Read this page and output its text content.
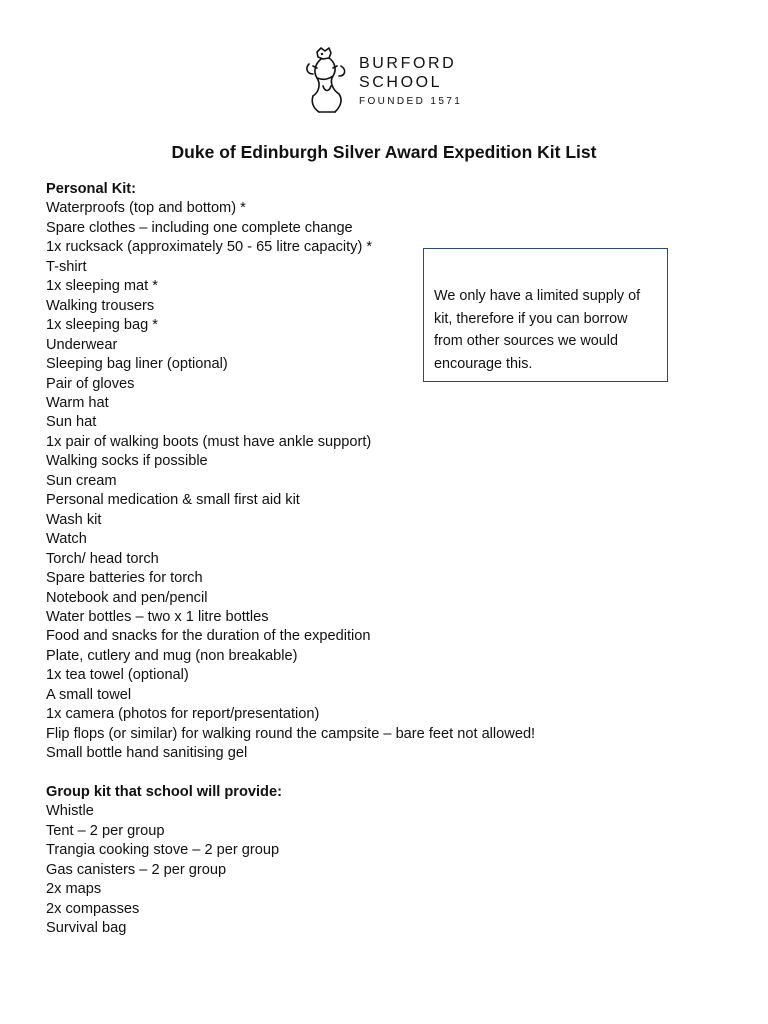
BURFORD
SCHOOL
FOUNDED 1571
Duke of Edinburgh Silver Award Expedition Kit List
Personal Kit:
Waterproofs (top and bottom) *
Spare clothes – including one complete change
1x rucksack (approximately 50 - 65 litre capacity) *
T-shirt
1x sleeping mat *
Walking trousers
1x sleeping bag *
Underwear
Sleeping bag liner (optional)
Pair of gloves
Warm hat
Sun hat
1x pair of walking boots (must have ankle support)
Walking socks if possible
Sun cream
Personal medication & small first aid kit
Wash kit
Watch
Torch/ head torch
Spare batteries for torch
Notebook and pen/pencil
Water bottles – two x 1 litre bottles
Food and snacks for the duration of the expedition
Plate, cutlery and mug (non breakable)
1x tea towel (optional)
A small towel
1x camera (photos for report/presentation)
Flip flops (or similar) for walking round the campsite – bare feet not allowed!
Small bottle hand sanitising gel
Group kit that school will provide:
Whistle
Tent – 2 per group
Trangia cooking stove – 2 per group
Gas canisters – 2 per group
2x maps
2x compasses
Survival bag
We only have a limited supply of kit, therefore if you can borrow from other sources we would encourage this.
